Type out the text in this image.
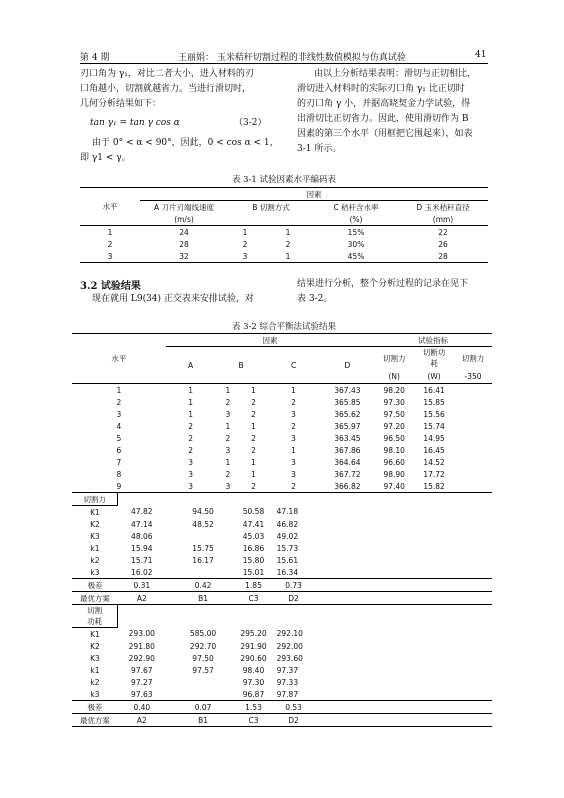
第 4 期	王丽娟： 玉米秸秆切割过程的非线性数值模拟与仿真试验	41
刃口角为 γ₁，对比二者大小，进入材料的刃
口角越小，切割就越省力。当进行滑切时，
几何分析结果如下：
tan γ₁ = tan γ cos α	（3-2）
由于 0° < α < 90°，因此，0 < cos α < 1，
即 γ1 < γ。
由以上分析结果表明：滑切与正切相比，
滑切进入材料时的实际刃口角 γ₁ 比正切时
的刃口角 γ 小，并据高晓契金力学试验，得
出滑切比正切省力。因此，使用滑切作为 B
因素的第三个水平（用框把它围起来），如表
3-1 所示。
表 3-1 试验因素水平编码表
水平	因素				
	A 刀片刃端线速度	B 切割方式		C 秸秆含水率	D 玉米秸秆直径
	(m/s)			(%)	(mm)
1	24	1	1	15%	22
2	28	2	2	30%	26
3	32	3	1	45%	28
3.2 试验结果
现在就用 L9(34) 正交表来安排试验，对
结果进行分析，整个分析过程的记录在见下
表 3-2。
表 3-2 综合平衡法试验结果
水平		因素					试验指标		
		A	B		C	D	切割力	切断功
耗	切割力
							(N)	(W)	-350
1		1	1	1	1	367.43	98.20	16.41	
2		1	2	2	2	365.85	97.30	15.85	
3		1	3	2	3	365.62	97.50	15.56	
4		2	1	1	2	365.97	97.20	15.74	
5		2	2	2	3	363.45	96.50	14.95	
6		2	3	2	1	367.86	98.10	16.45	
7		3	1	1	3	364.64	96.60	14.52	
8		3	2	1	3	367.72	98.90	17.72	
9		3	3	2	2	366.82	97.40	15.82	
切割力									
K1	47.82	94.50		50.58	47.18				
K2	47.14	48.52		47.41	46.82				
K3	48.06			45.03	49.02				
k1	15.94	15.75		16.86	15.73				
k2	15.71	16.17		15.80	15.61				
k3	16.02			15.01	16.34				
极差	0.31	0.42		1.85	0.73				
最优方案	A2	B1		C3	D2				
切割
功耗									
K1	293.00	585.00		295.20	292.10				
K2	291.80	292.70		291.90	292.00				
K3	292.90	97.50		290.60	293.60				
k1	97.67	97.57		98.40	97.37				
k2	97.27			97.30	97.33				
k3	97.63			96.87	97.87				
极差	0.40	0.07		1.53	0.53				
最优方案	A2	B1		C3	D2				
